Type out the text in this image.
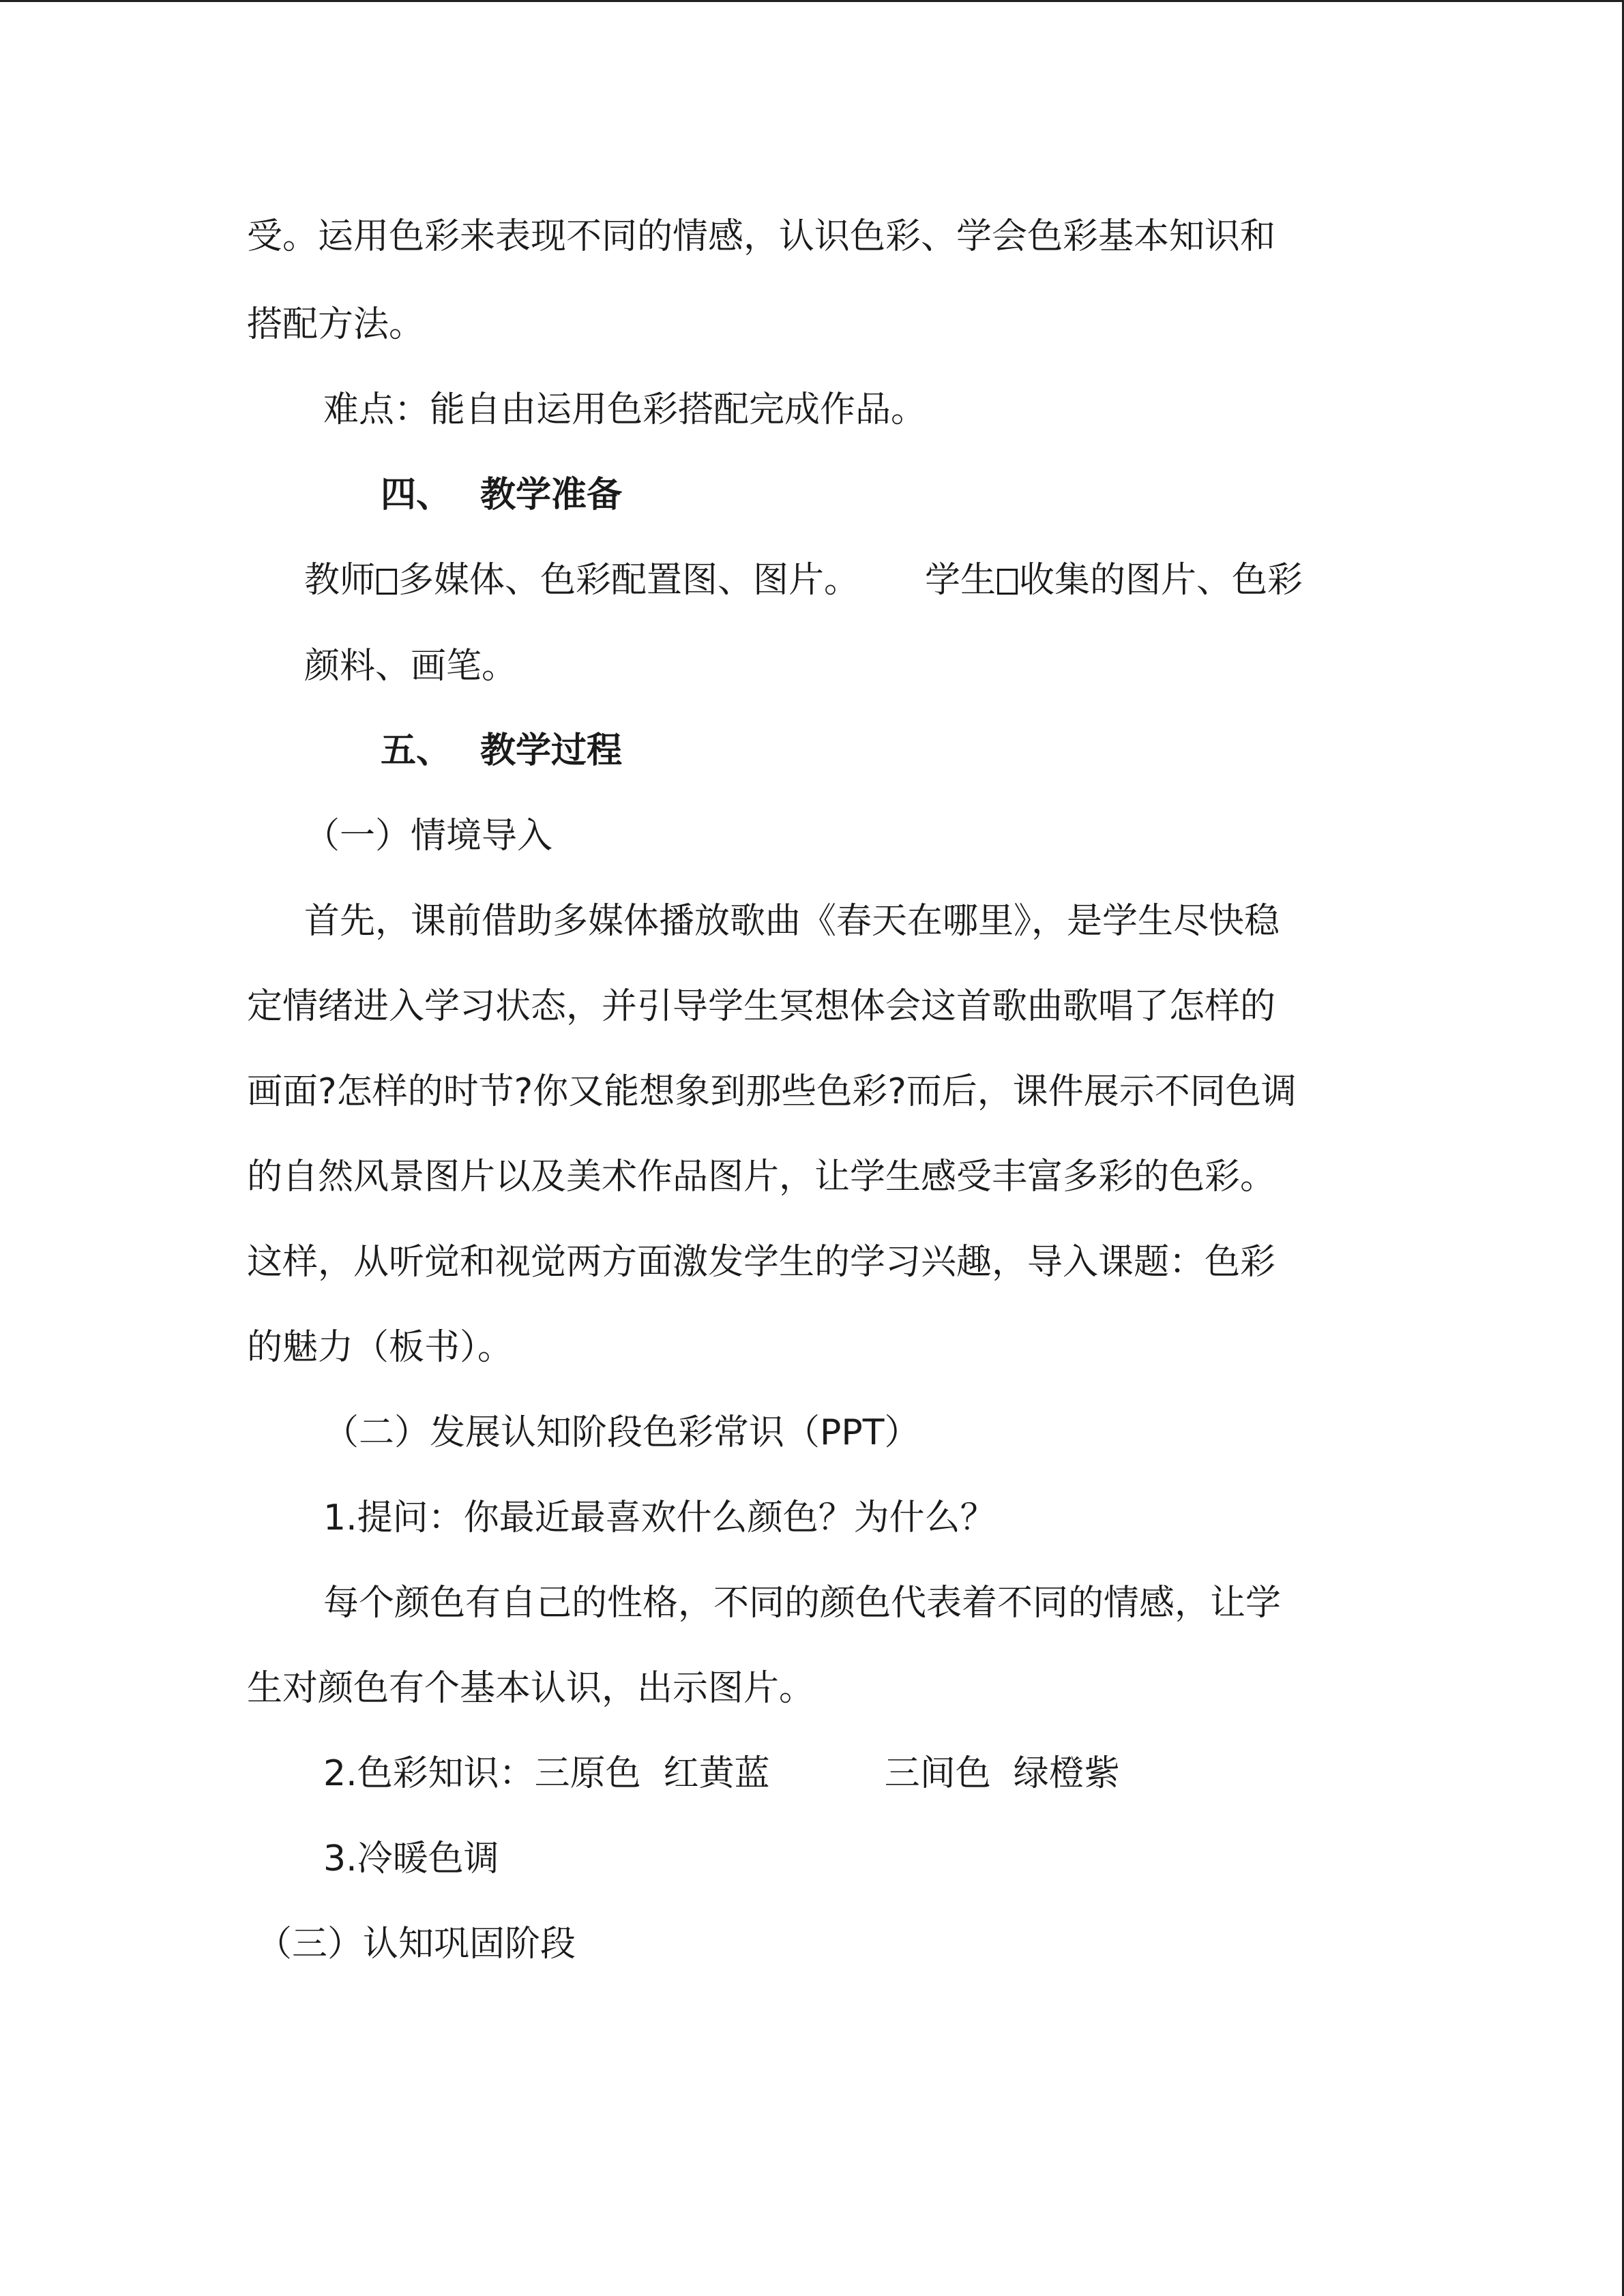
受。运用色彩来表现不同的情感，认识色彩、学会色彩基本知识和
搭配方法。
难点：能自由运用色彩搭配完成作品。
四、 教学准备
教师 多媒体、色彩配置图、图片。 学生 收集的图片、色彩
颜料、画笔。
五、 教学过程
（一）情境导入
首先，课前借助多媒体播放歌曲《春天在哪里》，是学生尽快稳
定情绪进入学习状态，并引导学生冥想体会这首歌曲歌唱了怎样的
画面?怎样的时节?你又能想象到那些色彩?而后，课件展示不同色调
的自然风景图片以及美术作品图片，让学生感受丰富多彩的色彩。
这样，从听觉和视觉两方面激发学生的学习兴趣，导入课题：色彩
的魅力（板书）。
（二）发展认知阶段色彩常识（PPT）
1.提问：你最近最喜欢什么颜色？为什么？
每个颜色有自己的性格，不同的颜色代表着不同的情感，让学
生对颜色有个基本认识，出示图片。
2.色彩知识：三原色  红黄蓝	三间色  绿橙紫
3.冷暖色调
（三）认知巩固阶段
